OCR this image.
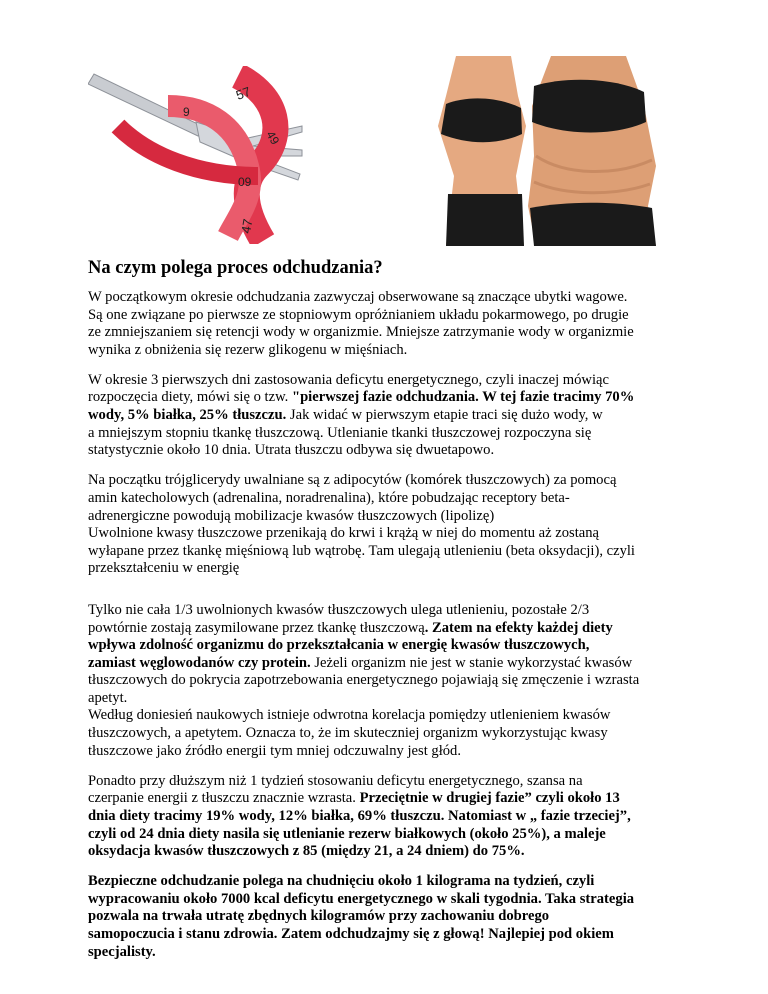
57
9
49
09
47
Na czym polega proces odchudzania?

W początkowym okresie odchudzania zazwyczaj obserwowane są znaczące ubytki wagowe.
Są one związane po pierwsze ze stopniowym opróżnianiem układu pokarmowego, po drugie
ze zmniejszaniem się retencji wody w organizmie. Mniejsze zatrzymanie wody w organizmie
wynika z obniżenia się rezerw glikogenu w mięśniach.

W okresie 3 pierwszych dni zastosowania deficytu energetycznego, czyli inaczej mówiąc
rozpoczęcia diety, mówi się o tzw. "pierwszej fazie odchudzania. W tej fazie tracimy 70%
wody, 5% białka, 25% tłuszczu. Jak widać w pierwszym etapie traci się dużo wody, w
a mniejszym stopniu tkankę tłuszczową. Utlenianie tkanki tłuszczowej rozpoczyna się
statystycznie około 10 dnia. Utrata tłuszczu odbywa się dwuetapowo.

Na początku trójglicerydy uwalniane są z adipocytów (komórek tłuszczowych) za pomocą
amin katecholowych (adrenalina, noradrenalina), które pobudzając receptory beta-
adrenergiczne powodują mobilizacje kwasów tłuszczowych (lipolizę)
Uwolnione kwasy tłuszczowe przenikają do krwi i krążą w niej do momentu aż zostaną
wyłapane przez tkankę mięśniową lub wątrobę. Tam ulegają utlenieniu (beta oksydacji), czyli
przekształceniu w energię

Tylko nie cała 1/3 uwolnionych kwasów tłuszczowych ulega utlenieniu, pozostałe 2/3
powtórnie zostają zasymilowane przez tkankę tłuszczową. Zatem na efekty każdej diety
wpływa zdolność organizmu do przekształcania w energię kwasów tłuszczowych,
zamiast węglowodanów czy protein. Jeżeli organizm nie jest w stanie wykorzystać kwasów
tłuszczowych do pokrycia zapotrzebowania energetycznego pojawiają się zmęczenie i wzrasta
apetyt.
Według doniesień naukowych istnieje odwrotna korelacja pomiędzy utlenieniem kwasów
tłuszczowych, a apetytem. Oznacza to, że im skuteczniej organizm wykorzystując kwasy
tłuszczowe jako źródło energii tym mniej odczuwalny jest głód.

Ponadto przy dłuższym niż 1 tydzień stosowaniu deficytu energetycznego, szansa na
czerpanie energii z tłuszczu znacznie wzrasta. Przeciętnie w drugiej fazie” czyli około 13
dnia diety tracimy 19% wody, 12% białka, 69% tłuszczu. Natomiast w „ fazie trzeciej”,
czyli od 24 dnia diety nasila się utlenianie rezerw białkowych (około 25%), a maleje
oksydacja kwasów tłuszczowych z 85 (między 21, a 24 dniem) do 75%.

Bezpieczne odchudzanie polega na chudnięciu około 1 kilograma na tydzień, czyli
wypracowaniu około 7000 kcal deficytu energetycznego w skali tygodnia. Taka strategia
pozwala na trwała utratę zbędnych kilogramów przy zachowaniu dobrego
samopoczucia i stanu zdrowia. Zatem odchudzajmy się z głową! Najlepiej pod okiem
specjalisty.
